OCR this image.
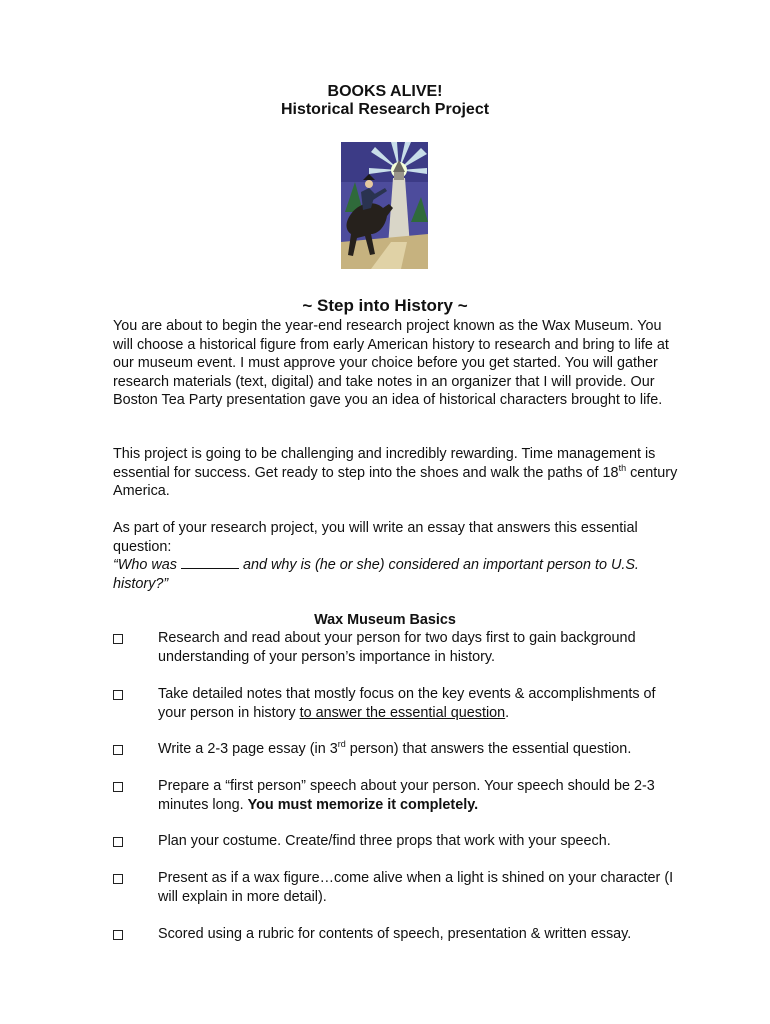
BOOKS ALIVE!
Historical Research Project
~ Step into History ~

You are about to begin the year-end research project known as the Wax Museum. You will choose a historical figure from early American history to research and bring to life at our museum event. I must approve your choice before you get started. You will gather research materials (text, digital) and take notes in an organizer that I will provide. Our Boston Tea Party presentation gave you an idea of historical characters brought to life.

This project is going to be challenging and incredibly rewarding. Time management is essential for success. Get ready to step into the shoes and walk the paths of 18th century America.

As part of your research project, you will write an essay that answers this essential question:
“Who was	and why is (he or she) considered an important person to U.S. history?”
Wax Museum Basics
Research and read about your person for two days first to gain background understanding of your person’s importance in history.
Take detailed notes that mostly focus on the key events & accomplishments of your person in history to answer the essential question.
Write a 2-3 page essay (in 3rd person) that answers the essential question.
Prepare a “first person” speech about your person. Your speech should be 2-3 minutes long. You must memorize it completely.
Plan your costume. Create/find three props that work with your speech.
Present as if a wax figure…come alive when a light is shined on your character (I will explain in more detail).
Scored using a rubric for contents of speech, presentation & written essay.
